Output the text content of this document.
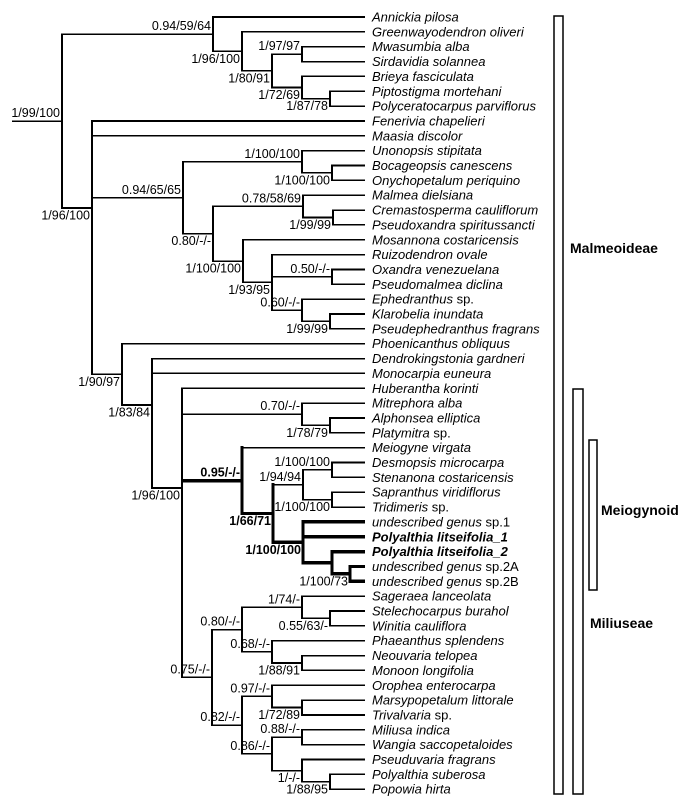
1/99/100
0.94/59/64
Annickia pilosa
1/96/100
Greenwayodendron oliveri
1/80/91
1/97/97	Mwasumbia alba
Sirdavidia solannea
1/72/69
Brieya fasciculata
1/87/78
Piptostigma mortehani
Polyceratocarpus parviflorus
1/96/100
Fenerivia chapelieri
Maasia discolor
0.94/65/65
1/100/100	Unonopsis stipitata
1/100/100
Bocageopsis canescens
Onychopetalum periquino
0.80/-/-
0.78/58/69	Malmea dielsiana
1/99/99
Cremastosperma cauliflorum
Pseudoxandra spiritussancti
1/100/100
Mosannona costaricensis
1/93/95
Ruizodendron ovale
0.50/-/-	Oxandra venezuelana
Pseudomalmea diclina
0.60/-/-	Ephedranthus sp.
1/99/99
Klarobelia inundata
Pseudephedranthus fragrans
1/90/97
Phoenicanthus obliquus
1/83/84
Dendrokingstonia gardneri
Monocarpia euneura
1/96/100
Huberantha korinti
0.70/-/-	Mitrephora alba
1/78/79
Alphonsea elliptica
Platymitra sp.
0.95/-/-
Meiogyne virgata
1/66/71
1/94/94
1/100/100	Desmopsis microcarpa
Stenanona costaricensis
1/100/100
Sapranthus viridiflorus
Tridimeris sp.
1/100/100
undescribed genus sp.1
Polyalthia litseifolia_1
Polyalthia litseifolia_2
1/100/73
undescribed genus sp.2A
undescribed genus sp.2B
0.75/-/-
0.80/-/-
1/74/-	Sageraea lanceolata
0.55/63/-
Stelechocarpus burahol
Winitia cauliflora
0.68/-/-	Phaeanthus splendens
1/88/91
Neouvaria telopea
Monoon longifolia
0.82/-/-
0.97/-/-	Orophea enterocarpa
1/72/89
Marsypopetalum littorale
Trivalvaria sp.
0.86/-/-
0.88/-/-	Miliusa indica
Wangia saccopetaloides
1/-/-
Pseuduvaria fragrans
1/88/95
Polyalthia suberosa
Popowia hirta
Malmeoideae
Miliuseae
Meiogynoid
